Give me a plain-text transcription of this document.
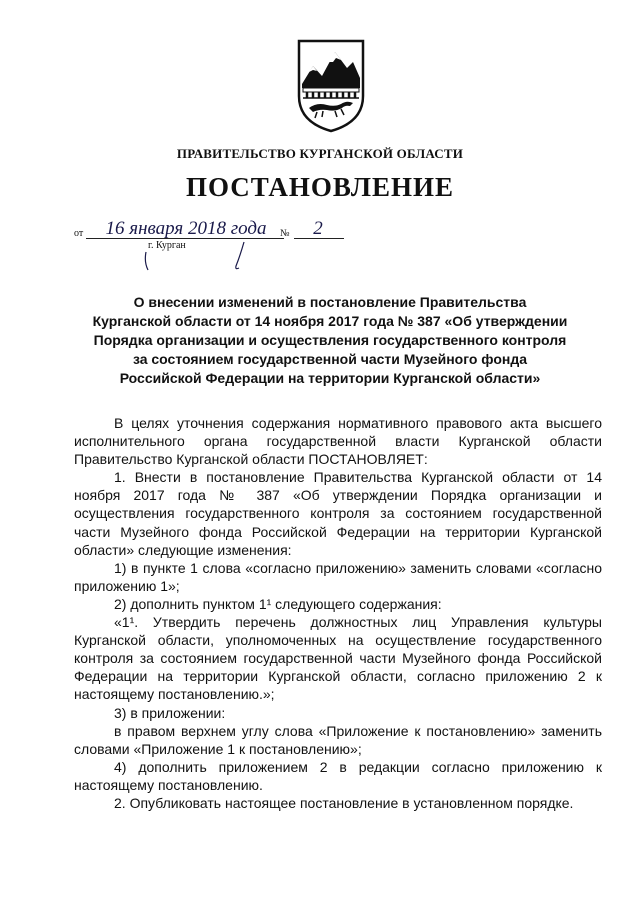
ПРАВИТЕЛЬСТВО КУРГАНСКОЙ ОБЛАСТИ
ПОСТАНОВЛЕНИЕ
от	16 января 2018 года	№	2
г. Курган
О внесении изменений в постановление Правительства
Курганской области от 14 ноября 2017 года № 387 «Об утверждении
Порядка организации и осуществления государственного контроля
за состоянием государственной части Музейного фонда
Российской Федерации на территории Курганской области»

В целях уточнения содержания нормативного правового акта высшего исполнительного органа государственной власти Курганской области Правительство Курганской области ПОСТАНОВЛЯЕТ:

1. Внести в постановление Правительства Курганской области от 14 ноября 2017 года № 387 «Об утверждении Порядка организации и осуществления государственного контроля за состоянием государственной части Музейного фонда Российской Федерации на территории Курганской области» следующие изменения:

1) в пункте 1 слова «согласно приложению» заменить словами «согласно приложению 1»;

2) дополнить пунктом 1¹ следующего содержания:

«1¹. Утвердить перечень должностных лиц Управления культуры Курганской области, уполномоченных на осуществление государственного контроля за состоянием государственной части Музейного фонда Российской Федерации на территории Курганской области, согласно приложению 2 к настоящему постановлению.»;

3) в приложении:

в правом верхнем углу слова «Приложение к постановлению» заменить словами «Приложение 1 к постановлению»;

4) дополнить приложением 2 в редакции согласно приложению к настоящему постановлению.

2. Опубликовать настоящее постановление в установленном порядке.
